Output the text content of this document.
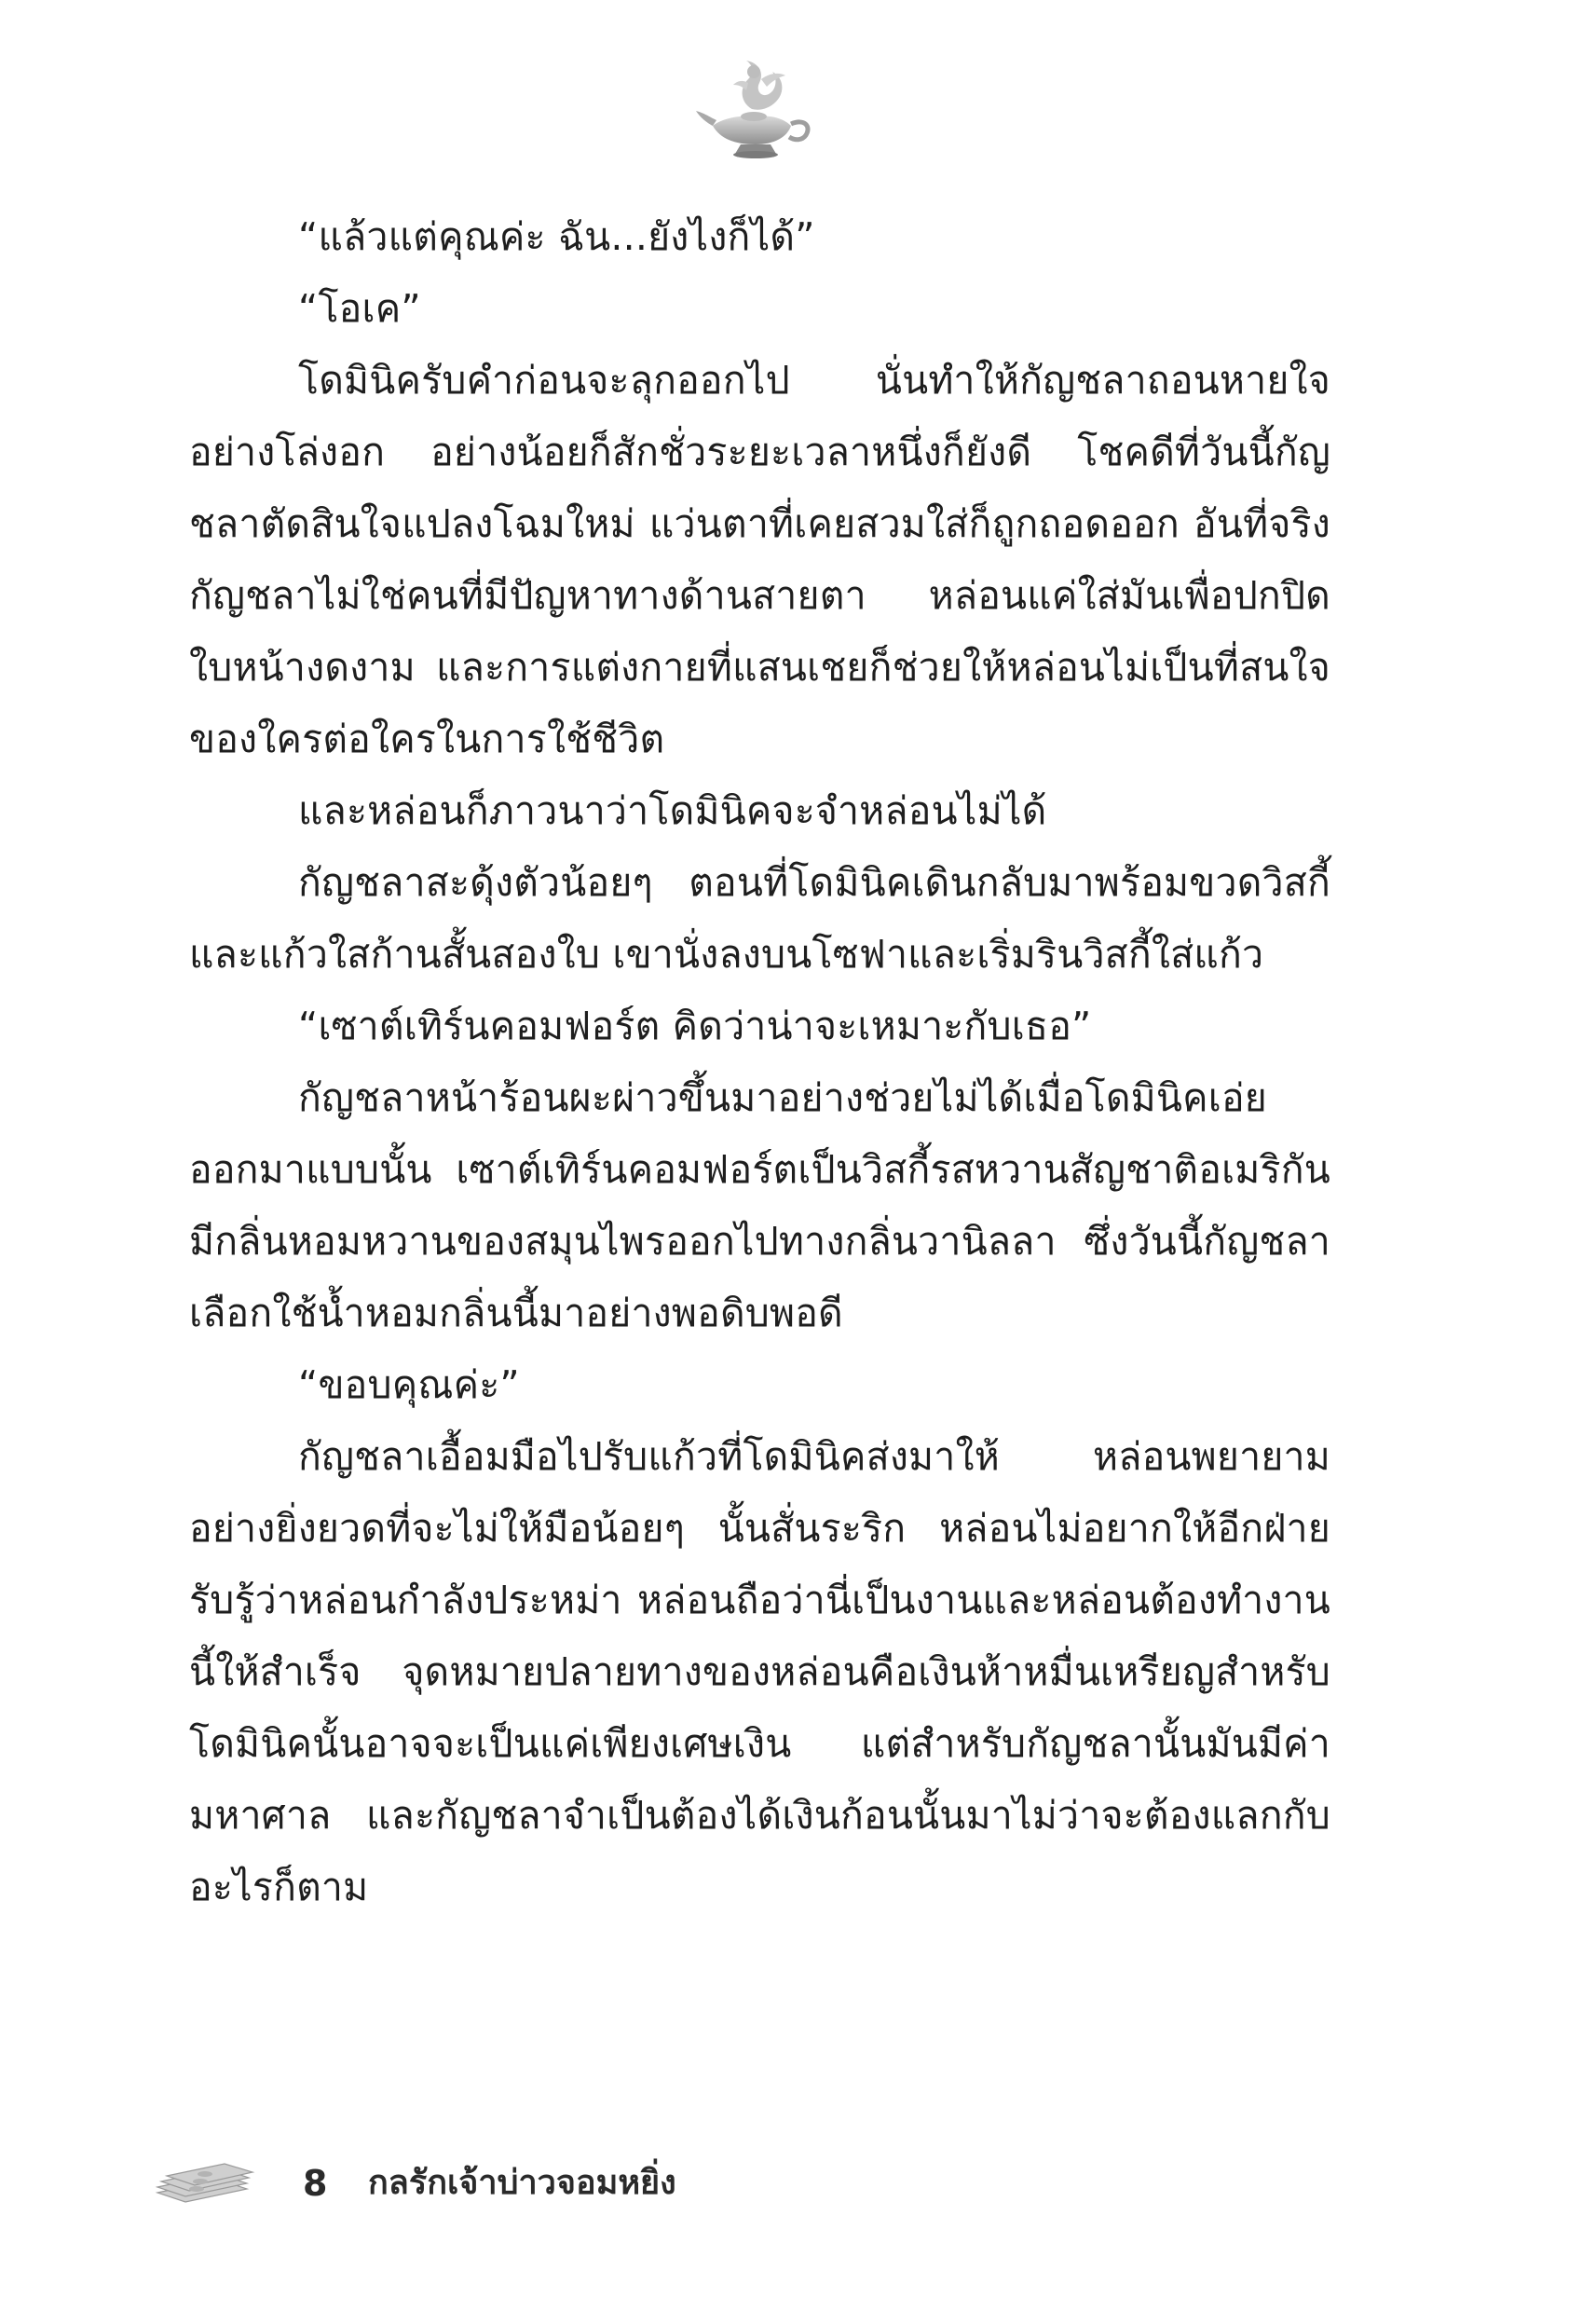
“แล้วแต่คุณค่ะ ฉัน...ยังไงก็ได้”

“โอเค”

โดมินิครับคำก่อนจะลุกออกไป นั่นทำให้กัญชลาถอนหายใจอย่างโล่งอก อย่างน้อยก็สักชั่วระยะเวลาหนึ่งก็ยังดี โชคดีที่วันนี้กัญชลาตัดสินใจแปลงโฉมใหม่ แว่นตาที่เคยสวมใส่ก็ถูกถอดออก อันที่จริงกัญชลาไม่ใช่คนที่มีปัญหาทางด้านสายตา หล่อนแค่ใส่มันเพื่อปกปิดใบหน้างดงาม และการแต่งกายที่แสนเชยก็ช่วยให้หล่อนไม่เป็นที่สนใจของใครต่อใครในการใช้ชีวิต

และหล่อนก็ภาวนาว่าโดมินิคจะจำหล่อนไม่ได้

กัญชลาสะดุ้งตัวน้อยๆ ตอนที่โดมินิคเดินกลับมาพร้อมขวดวิสกี้และแก้วใสก้านสั้นสองใบ เขานั่งลงบนโซฟาและเริ่มรินวิสกี้ใส่แก้ว

“เซาต์เทิร์นคอมฟอร์ต คิดว่าน่าจะเหมาะกับเธอ”

กัญชลาหน้าร้อนผะผ่าวขึ้นมาอย่างช่วยไม่ได้เมื่อโดมินิคเอ่ยออกมาแบบนั้น เซาต์เทิร์นคอมฟอร์ตเป็นวิสกี้รสหวานสัญชาติอเมริกันมีกลิ่นหอมหวานของสมุนไพรออกไปทางกลิ่นวานิลลา ซึ่งวันนี้กัญชลาเลือกใช้น้ำหอมกลิ่นนี้มาอย่างพอดิบพอดี

“ขอบคุณค่ะ”

กัญชลาเอื้อมมือไปรับแก้วที่โดมินิคส่งมาให้ หล่อนพยายามอย่างยิ่งยวดที่จะไม่ให้มือน้อยๆ นั้นสั่นระริก หล่อนไม่อยากให้อีกฝ่ายรับรู้ว่าหล่อนกำลังประหม่า หล่อนถือว่านี่เป็นงานและหล่อนต้องทำงานนี้ให้สำเร็จ จุดหมายปลายทางของหล่อนคือเงินห้าหมื่นเหรียญสำหรับโดมินิคนั้นอาจจะเป็นแค่เพียงเศษเงิน แต่สำหรับกัญชลานั้นมันมีค่ามหาศาล และกัญชลาจำเป็นต้องได้เงินก้อนนั้นมาไม่ว่าจะต้องแลกกับอะไรก็ตาม

8 กลรักเจ้าบ่าวจอมหยิ่ง
